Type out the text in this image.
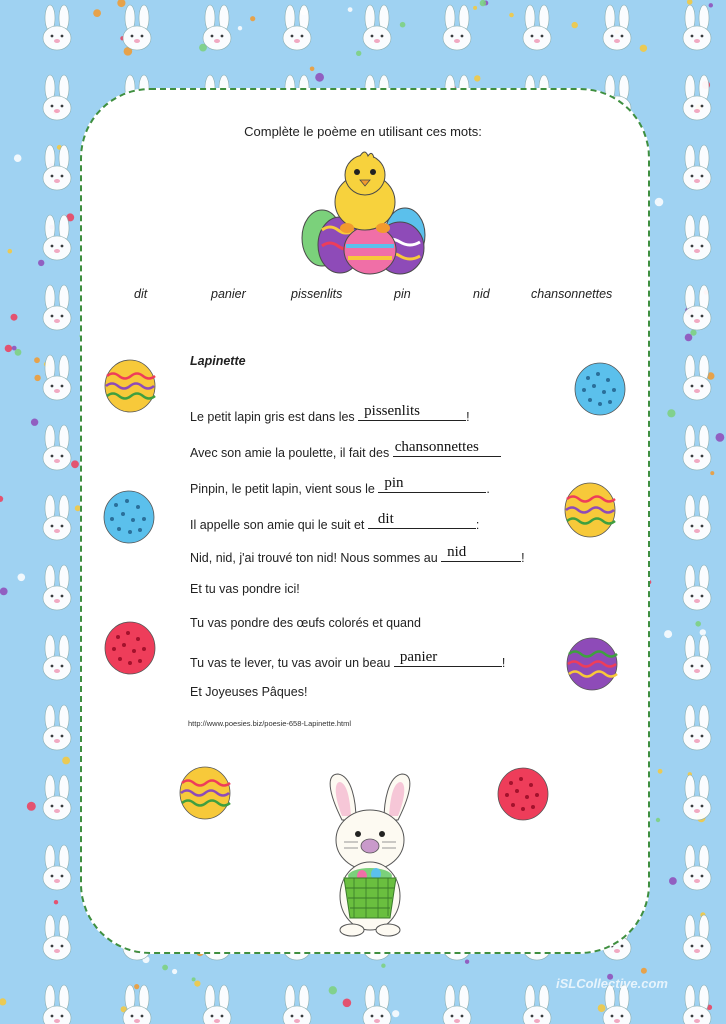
Complète le poème en utilisant ces mots:
dit	panier	pissenlits	pin	nid	chansonnettes
Lapinette
Le petit lapin gris est dans les pissenlits	!
Avec son amie la poulette, il fait des chansonnettes
Pinpin, le petit lapin, vient sous le pin	.
Il appelle son amie qui le suit et dit	:
Nid, nid, j'ai trouvé ton nid! Nous sommes au nid	!
Et tu vas pondre ici!
Tu vas pondre des œufs colorés et quand
Tu vas te lever, tu vas avoir un beau panier	!
Et Joyeuses Pâques!
http://www.poesies.biz/poesie-658-Lapinette.html
iSLCollective.com
